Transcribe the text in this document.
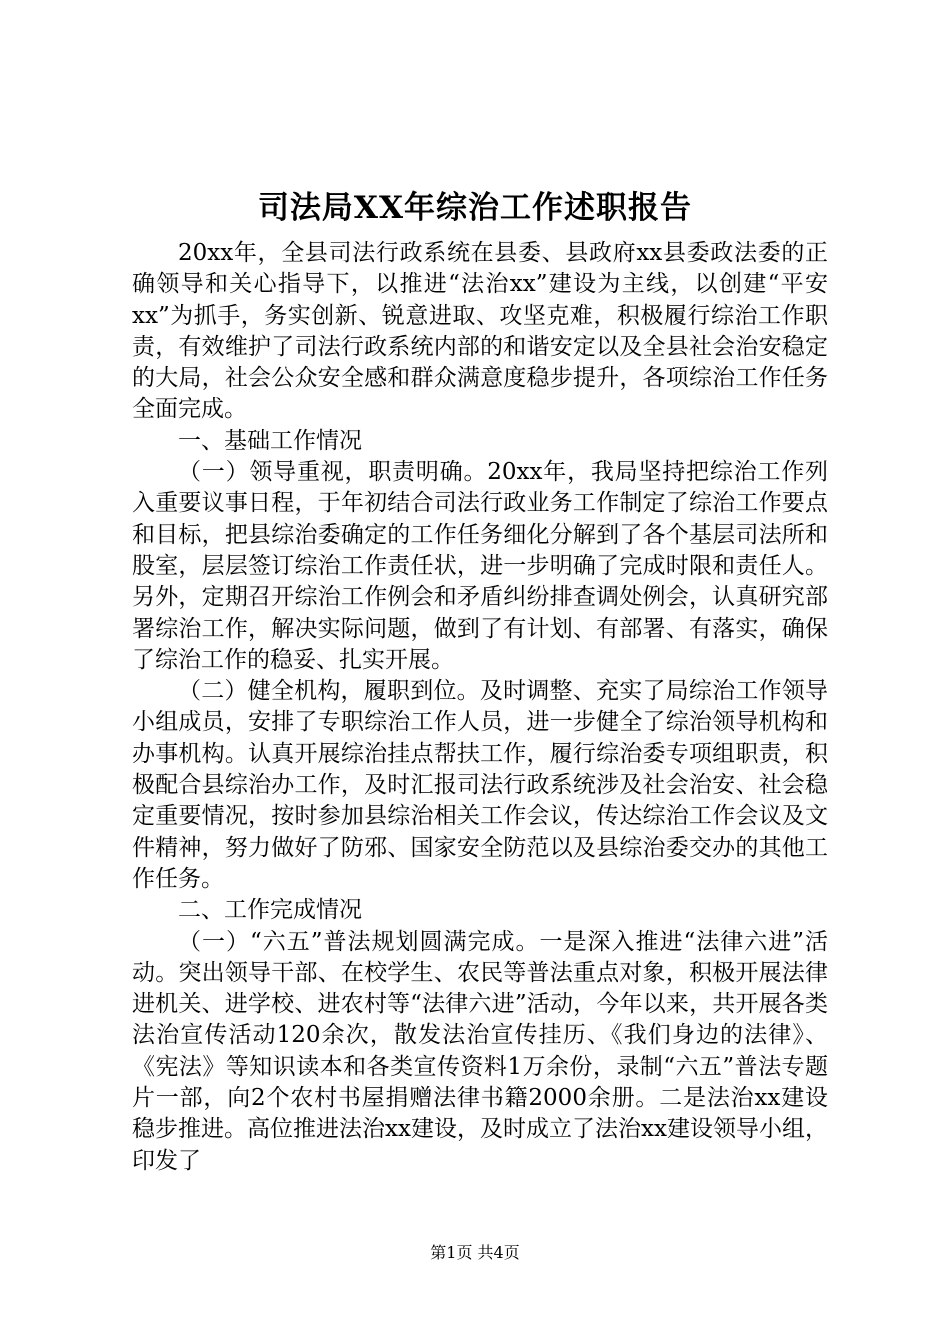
司法局XX年综治工作述职报告

20xx年，全县司法行政系统在县委、县政府xx县委政法委的正确领导和关心指导下，以推进“法治xx”建设为主线，以创建“平安xx”为抓手，务实创新、锐意进取、攻坚克难，积极履行综治工作职责，有效维护了司法行政系统内部的和谐安定以及全县社会治安稳定的大局，社会公众安全感和群众满意度稳步提升，各项综治工作任务全面完成。

一、基础工作情况

（一）领导重视，职责明确。20xx年，我局坚持把综治工作列入重要议事日程，于年初结合司法行政业务工作制定了综治工作要点和目标，把县综治委确定的工作任务细化分解到了各个基层司法所和股室，层层签订综治工作责任状，进一步明确了完成时限和责任人。另外，定期召开综治工作例会和矛盾纠纷排查调处例会，认真研究部署综治工作，解决实际问题，做到了有计划、有部署、有落实，确保了综治工作的稳妥、扎实开展。

（二）健全机构，履职到位。及时调整、充实了局综治工作领导小组成员，安排了专职综治工作人员，进一步健全了综治领导机构和办事机构。认真开展综治挂点帮扶工作，履行综治委专项组职责，积极配合县综治办工作，及时汇报司法行政系统涉及社会治安、社会稳定重要情况，按时参加县综治相关工作会议，传达综治工作会议及文件精神，努力做好了防邪、国家安全防范以及县综治委交办的其他工作任务。

二、工作完成情况

（一）“六五”普法规划圆满完成。一是深入推进“法律六进”活动。突出领导干部、在校学生、农民等普法重点对象，积极开展法律进机关、进学校、进农村等“法律六进”活动，今年以来，共开展各类法治宣传活动120余次，散发法治宣传挂历、《我们身边的法律》、《宪法》等知识读本和各类宣传资料1万余份，录制“六五”普法专题片一部，向2个农村书屋捐赠法律书籍2000余册。二是法治xx建设稳步推进。高位推进法治xx建设，及时成立了法治xx建设领导小组，印发了

第1页 共4页
